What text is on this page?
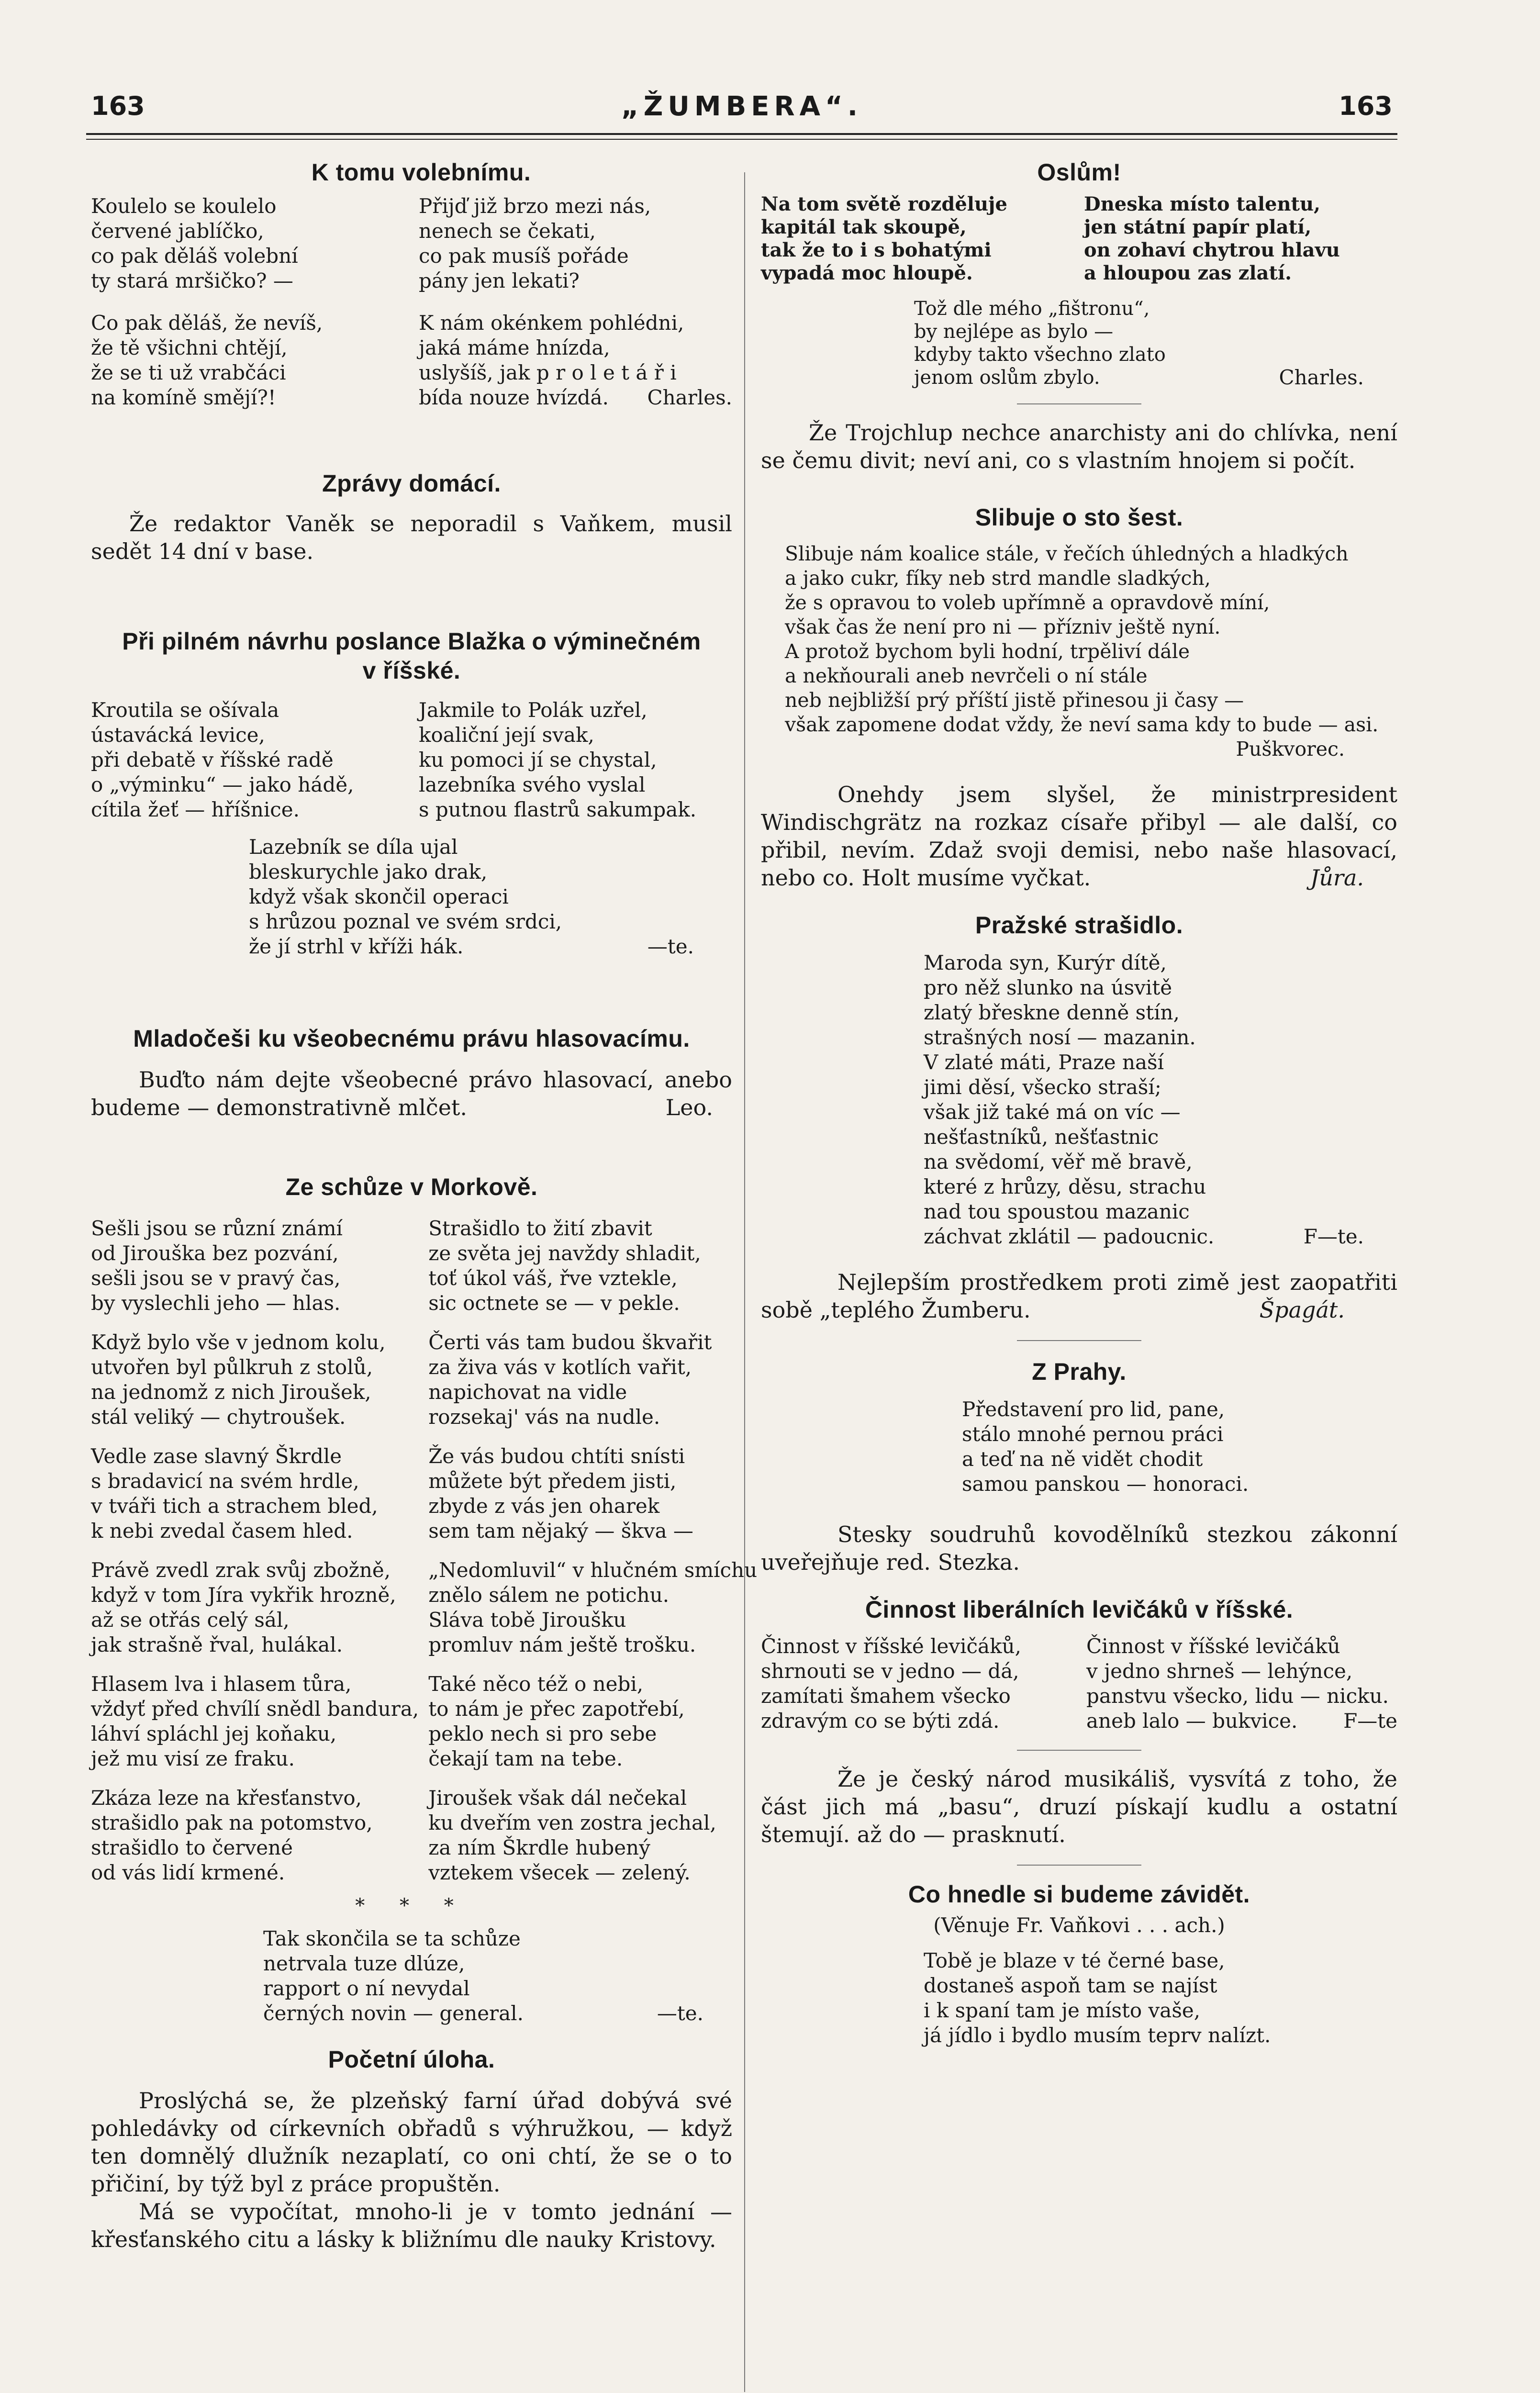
163	„ŽUMBERA“.	163
K tomu volebnímu.
Koulelo se koulelo
červené jablíčko,
co pak děláš volební
ty stará mršičko? —
Co pak děláš, že nevíš,
že tě všichni chtějí,
že se ti už vrabčáci
na komíně smějí?!
Přijď již brzo mezi nás,
nenech se čekati,
co pak musíš pořáde
pány jen lekati?
K nám okénkem pohlédni,
jaká máme hnízda,
uslyšíš, jak p r o l e t á ř i
bída nouze hvízdá.	Charles.
Zprávy domácí.
Že redaktor Vaněk se neporadil s Vaňkem, musil sedět 14 dní v base.
Při pilném návrhu poslance Blažka o výminečném
v říšské.
Kroutila se ošívala
ústavácká levice,
při debatě v říšské radě
o „výminku“ — jako hádě,
cítila žeť — hříšnice.
Jakmile to Polák uzřel,
koaliční její svak,
ku pomoci jí se chystal,
lazebníka svého vyslal
s putnou flastrů sakumpak.
Lazebník se díla ujal
bleskurychle jako drak,
když však skončil operaci
s hrůzou poznal ve svém srdci,
že jí strhl v kříži hák.	—te.
Mladočeši ku všeobecnému právu hlasovacímu.
Buďto nám dejte všeobecné právo hlasovací, anebo budeme — demonstrativně mlčet.	Leo.
Ze schůze v Morkově.
Sešli jsou se různí známí
od Jirouška bez pozvání,
sešli jsou se v pravý čas,
by vyslechli jeho — hlas.
Když bylo vše v jednom kolu,
utvořen byl půlkruh z stolů,
na jednomž z nich Jiroušek,
stál veliký — chytroušek.
Vedle zase slavný Škrdle
s bradavicí na svém hrdle,
v tváři tich a strachem bled,
k nebi zvedal časem hled.
Právě zvedl zrak svůj zbožně,
když v tom Jíra vykřik hrozně,
až se otřás celý sál,
jak strašně řval, hulákal.
Hlasem lva i hlasem tůra,
vždyť před chvílí snědl bandura,
láhví spláchl jej koňaku,
jež mu visí ze fraku.
Zkáza leze na křesťanstvo,
strašidlo pak na potomstvo,
strašidlo to červené
od vás lidí krmené.
Strašidlo to žití zbavit
ze světa jej navždy shladit,
toť úkol váš, řve vztekle,
sic octnete se — v pekle.
Čerti vás tam budou škvařit
za živa vás v kotlích vařit,
napichovat na vidle
rozsekaj' vás na nudle.
Že vás budou chtíti snísti
můžete být předem jisti,
zbyde z vás jen oharek
sem tam nějaký — škva —
„Nedomluvil“ v hlučném smíchu
znělo sálem ne potichu.
Sláva tobě Jiroušku
promluv nám ještě trošku.
Také něco též o nebi,
to nám je přec zapotřebí,
peklo nech si pro sebe
čekají tam na tebe.
Jiroušek však dál nečekal
ku dveřím ven zostra jechal,
za ním Škrdle hubený
vztekem všecek — zelený.
* * *
Tak skončila se ta schůze
netrvala tuze dlúze,
rapport o ní nevydal
černých novin — general.	—te.
Početní úloha.
Proslýchá se, že plzeňský farní úřad dobývá své pohledávky od církevních obřadů s výhružkou, — když ten domnělý dlužník nezaplatí, co oni chtí, že se o to přičiní, by týž byl z práce propuštěn.
Má se vypočítat, mnoho-li je v tomto jednání — křesťanského citu a lásky k bližnímu dle nauky Kristovy.
Oslům!
Na tom světě rozděluje
kapitál tak skoupě,
tak že to i s bohatými
vypadá moc hloupě.
Dneska místo talentu,
jen státní papír platí,
on zohaví chytrou hlavu
a hloupou zas zlatí.
Tož dle mého „fištronu“,
by nejlépe as bylo —
kdyby takto všechno zlato
jenom oslům zbylo.	Charles.
Že Trojchlup nechce anarchisty ani do chlívka, není se čemu divit; neví ani, co s vlastním hnojem si počít.
Slibuje o sto šest.
Slibuje nám koalice stále, v řečích úhledných a hladkých
a jako cukr, fíky neb strd mandle sladkých,
že s opravou to voleb upřímně a opravdově míní,
však čas že není pro ni — přízniv ještě nyní.
A protož bychom byli hodní, trpěliví dále
a nekňourali aneb nevrčeli o ní stále
neb nejbližší prý příští jistě přinesou ji časy —
však zapomene dodat vždy, že neví sama kdy to bude — asi.
Puškvorec.
Onehdy jsem slyšel, že ministrpresident Windischgrätz na rozkaz císaře přibyl — ale další, co přibil, nevím. Zdaž svoji demisi, nebo naše hlasovací, nebo co. Holt musíme vyčkat.	Jůra.
Pražské strašidlo.
Maroda syn, Kurýr dítě,
pro něž slunko na úsvitě
zlatý břeskne denně stín,
strašných nosí — mazanin.
V zlaté máti, Praze naší
jimi děsí, všecko straší;
však již také má on víc —
nešťastníků, nešťastnic
na svědomí, věř mě bravě,
které z hrůzy, děsu, strachu
nad tou spoustou mazanic
záchvat zklátil — padoucnic.	F—te.
Nejlepším prostředkem proti zimě jest zaopatřiti sobě „teplého Žumberu.	Špagát.
Z Prahy.
Představení pro lid, pane,
stálo mnohé pernou práci
a teď na ně vidět chodit
samou panskou — honoraci.
Stesky soudruhů kovodělníků stezkou zákonní uveřejňuje red. Stezka.
Činnost liberálních levičáků v říšské.
Činnost v říšské levičáků,
shrnouti se v jedno — dá,
zamítati šmahem všecko
zdravým co se býti zdá.
Činnost v říšské levičáků
v jedno shrneš — lehýnce,
panstvu všecko, lidu — nicku.
aneb lalo — bukvice.	F—te
Že je český národ musikáliš, vysvítá z toho, že část jich má „basu“, druzí pískají kudlu a ostatní štemují. až do — prasknutí.
Co hnedle si budeme závidět.
(Věnuje Fr. Vaňkovi . . . ach.)
Tobě je blaze v té černé base,
dostaneš aspoň tam se najíst
i k spaní tam je místo vaše,
já jídlo i bydlo musím teprv nalízt.
